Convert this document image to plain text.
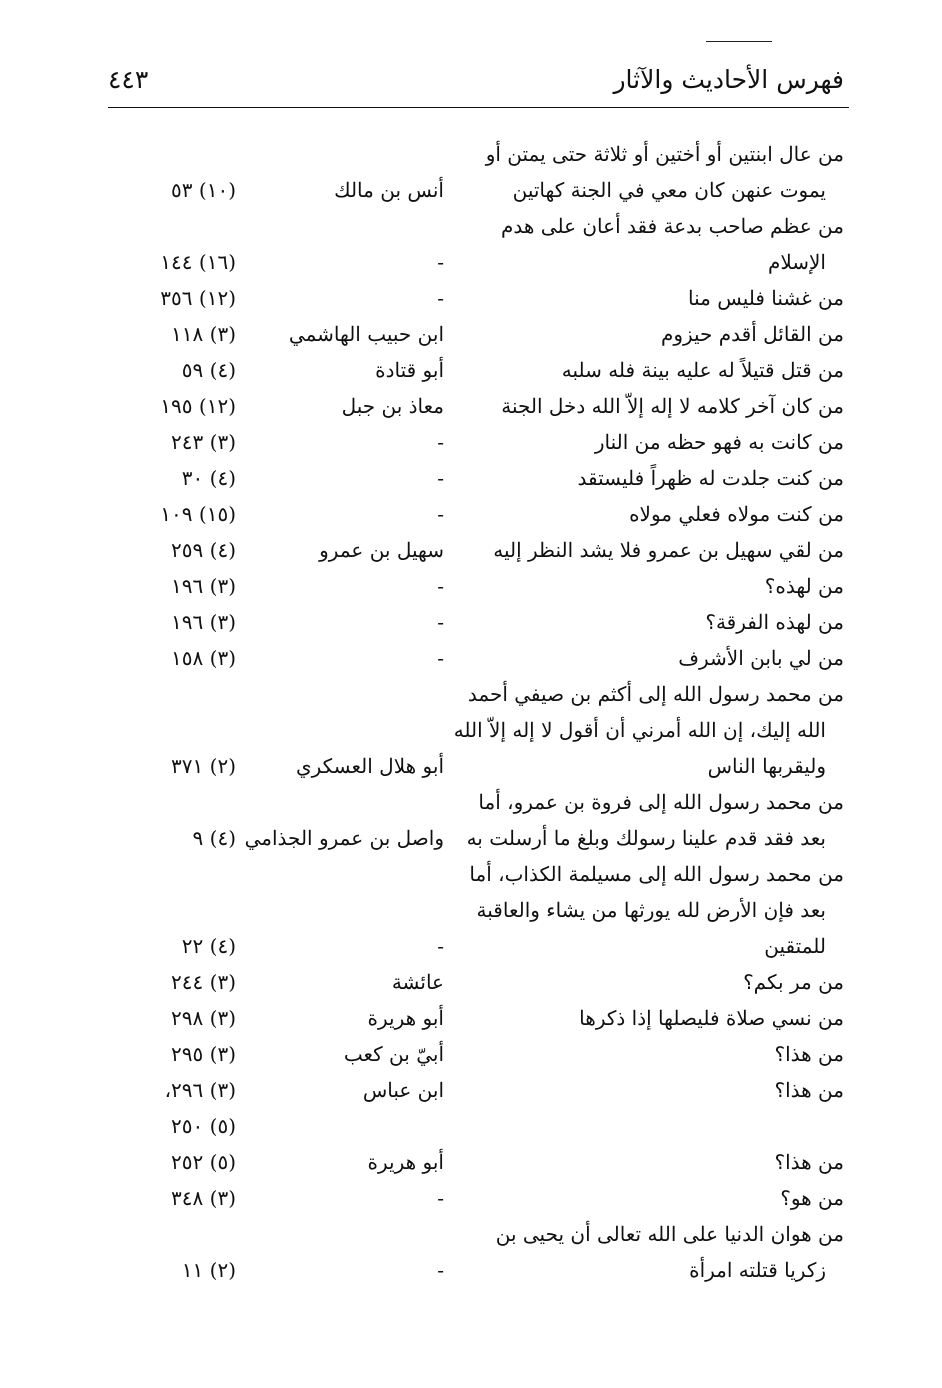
فهرس الأحاديث والآثار
٤٤٣
من عال ابنتين أو أختين أو ثلاثة حتى يمتن أو
يموت عنهن كان معي في الجنة كهاتين
أنس بن مالك
(١٠) ٥٣
من عظم صاحب بدعة فقد أعان على هدم
الإسلام
-
(١٦) ١٤٤
من غشنا فليس منا
-
(١٢) ٣٥٦
من القائل أقدم حيزوم
ابن حبيب الهاشمي
(٣) ١١٨
من قتل قتيلاً له عليه بينة فله سلبه
أبو قتادة
(٤) ٥٩
من كان آخر كلامه لا إله إلاّ الله دخل الجنة
معاذ بن جبل
(١٢) ١٩٥
من كانت به فهو حظه من النار
-
(٣) ٢٤٣
من كنت جلدت له ظهراً فليستقد
-
(٤) ٣٠
من كنت مولاه فعلي مولاه
-
(١٥) ١٠٩
من لقي سهيل بن عمرو فلا يشد النظر إليه
سهيل بن عمرو
(٤) ٢٥٩
من لهذه؟
-
(٣) ١٩٦
من لهذه الفرقة؟
-
(٣) ١٩٦
من لي بابن الأشرف
-
(٣) ١٥٨
من محمد رسول الله إلى أكثم بن صيفي أحمد
الله إليك، إن الله أمرني أن أقول لا إله إلاّ الله
وليقربها الناس
أبو هلال العسكري
(٢) ٣٧١
من محمد رسول الله إلى فروة بن عمرو، أما
بعد فقد قدم علينا رسولك وبلغ ما أرسلت به
واصل بن عمرو الجذامي
(٤) ٩
من محمد رسول الله إلى مسيلمة الكذاب، أما
بعد فإن الأرض لله يورثها من يشاء والعاقبة
للمتقين
-
(٤) ٢٢
من مر بكم؟
عائشة
(٣) ٢٤٤
من نسي صلاة فليصلها إذا ذكرها
أبو هريرة
(٣) ٢٩٨
من هذا؟
أبيّ بن كعب
(٣) ٢٩٥
من هذا؟
ابن عباس
(٣) ٢٩٦،
(٥) ٢٥٠
من هذا؟
أبو هريرة
(٥) ٢٥٢
من هو؟
-
(٣) ٣٤٨
من هوان الدنيا على الله تعالى أن يحيى بن
زكريا قتلته امرأة
-
(٢) ١١
